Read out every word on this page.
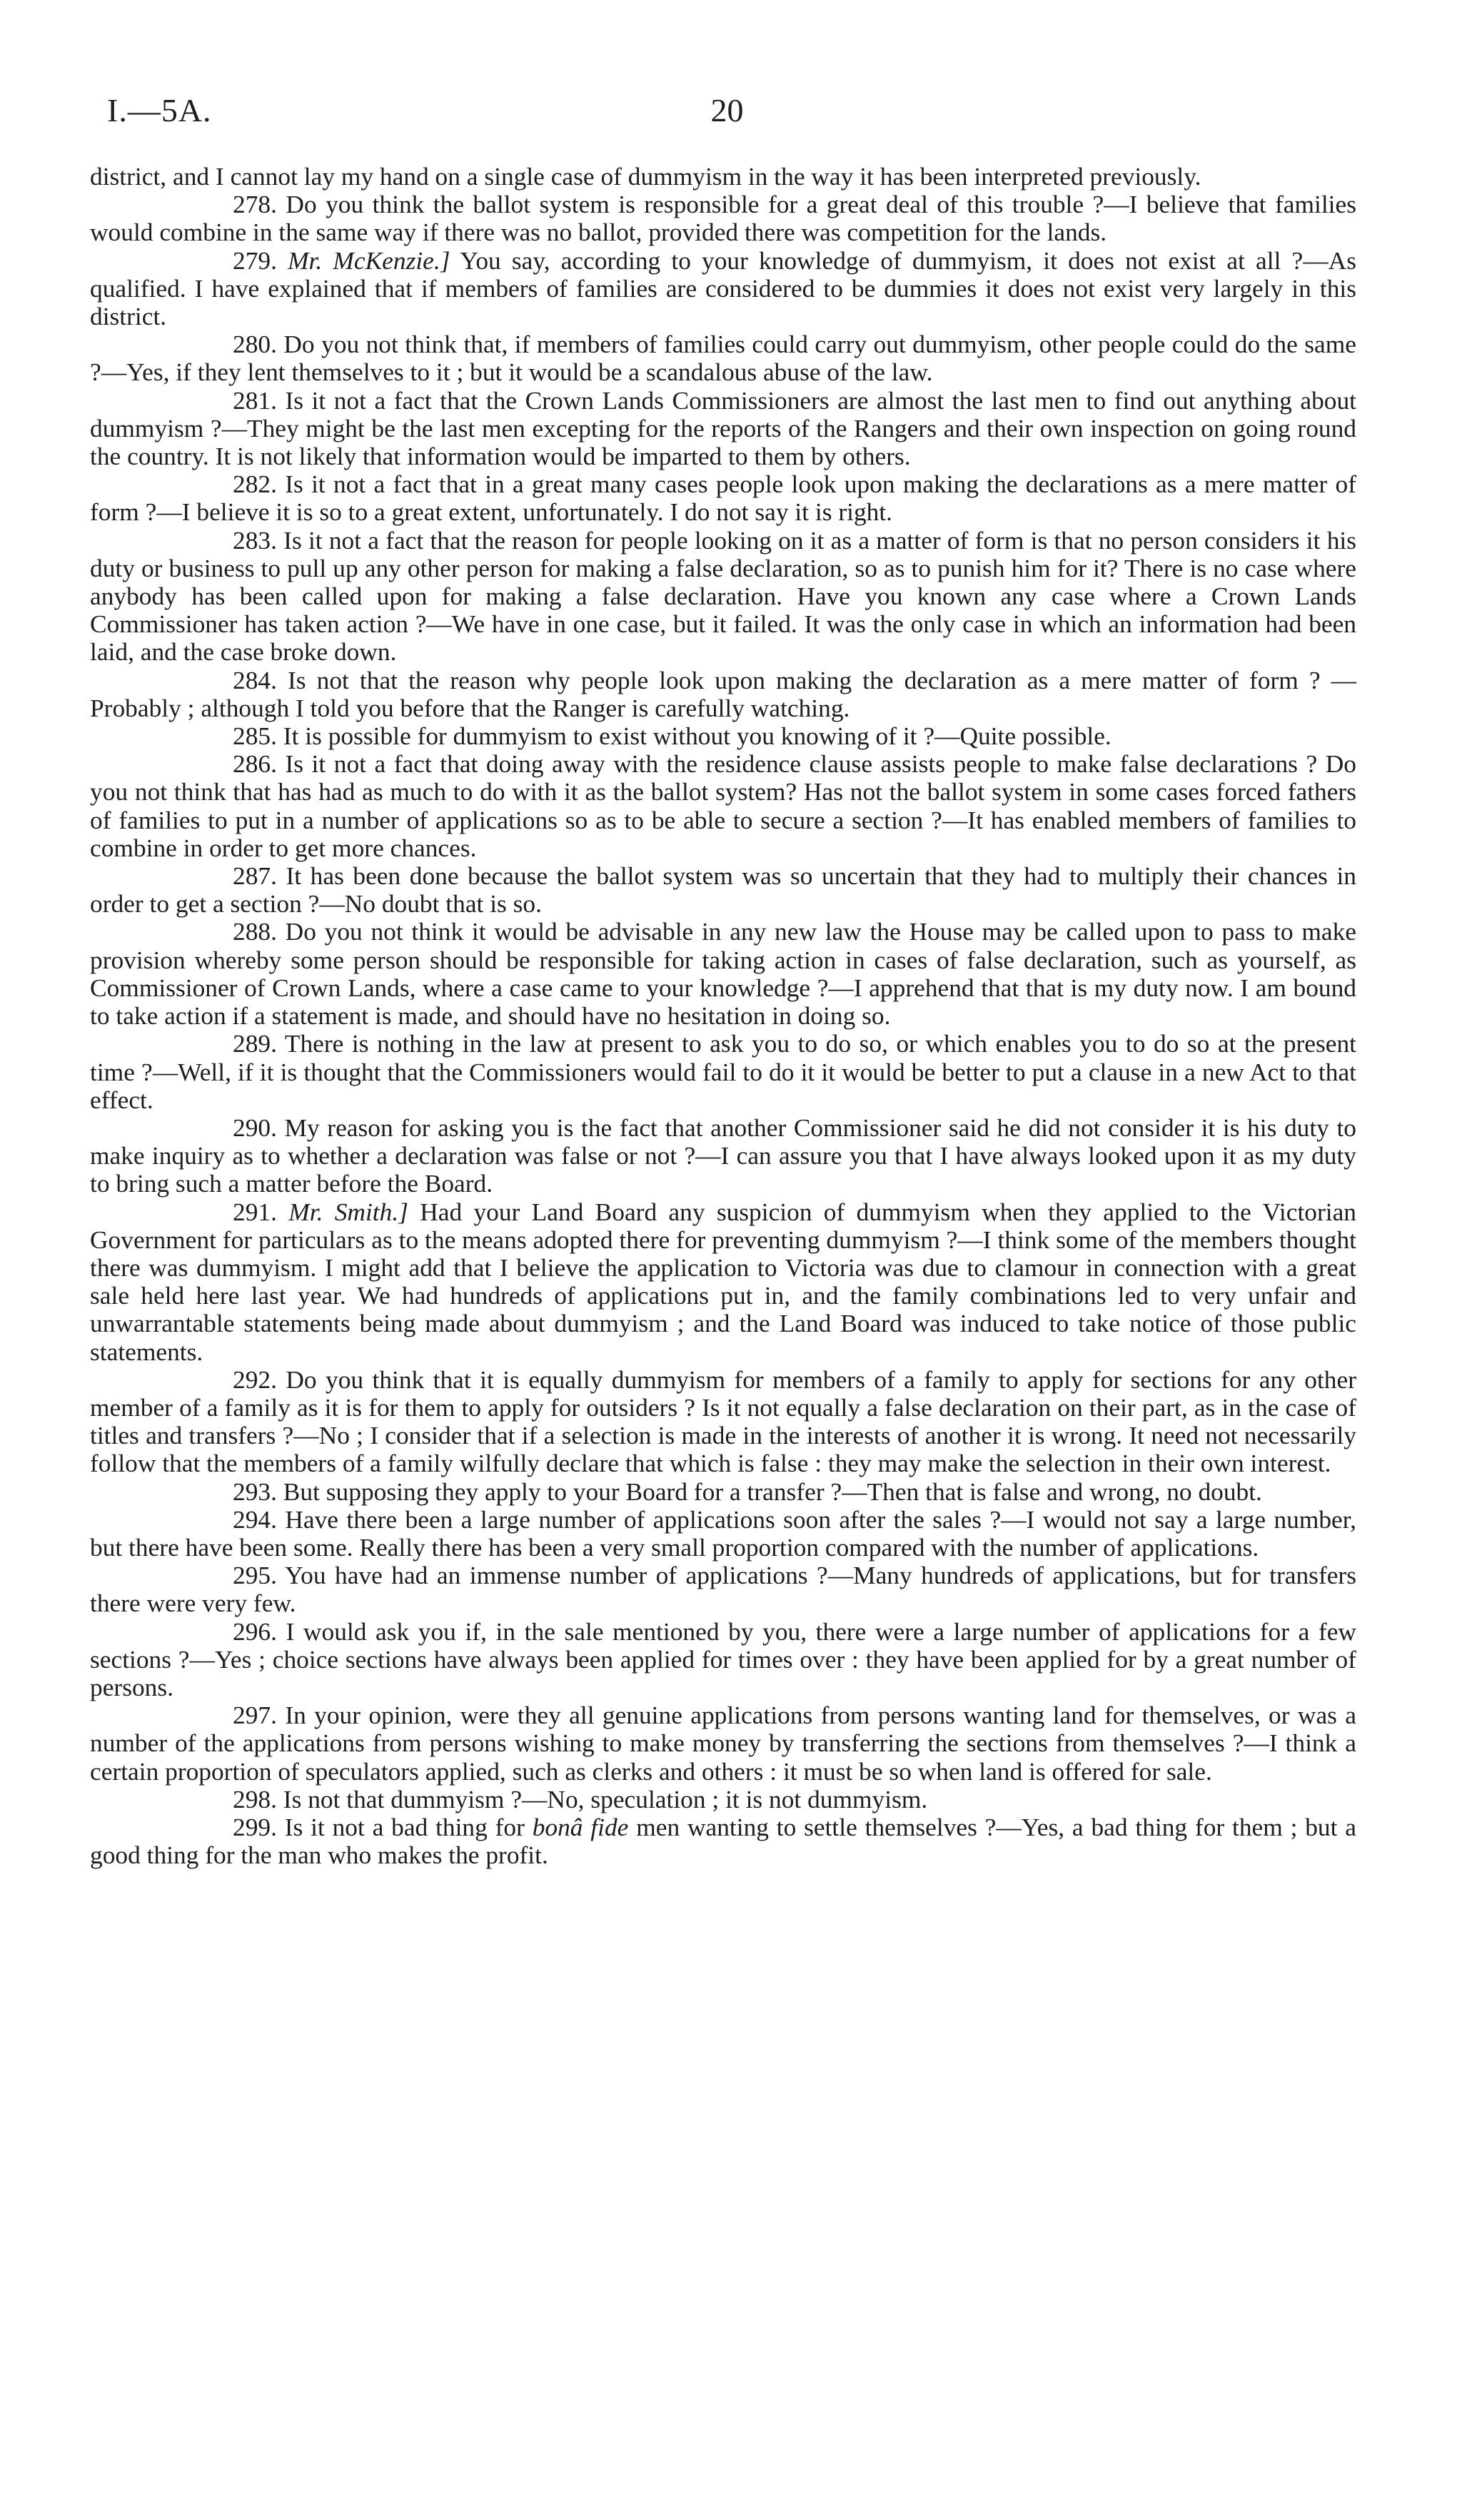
I.—5A.	20

district, and I cannot lay my hand on a single case of dummyism in the way it has been interpreted previously.

278. Do you think the ballot system is responsible for a great deal of this trouble ?—I believe that families would combine in the same way if there was no ballot, provided there was competition for the lands.

279. Mr. McKenzie.] You say, according to your knowledge of dummyism, it does not exist at all ?—As qualified. I have explained that if members of families are considered to be dummies it does not exist very largely in this district.

280. Do you not think that, if members of families could carry out dummyism, other people could do the same ?—Yes, if they lent themselves to it ; but it would be a scandalous abuse of the law.

281. Is it not a fact that the Crown Lands Commissioners are almost the last men to find out anything about dummyism ?—They might be the last men excepting for the reports of the Rangers and their own inspection on going round the country. It is not likely that information would be imparted to them by others.

282. Is it not a fact that in a great many cases people look upon making the declarations as a mere matter of form ?—I believe it is so to a great extent, unfortunately. I do not say it is right.

283. Is it not a fact that the reason for people looking on it as a matter of form is that no person considers it his duty or business to pull up any other person for making a false declaration, so as to punish him for it? There is no case where anybody has been called upon for making a false declaration. Have you known any case where a Crown Lands Commissioner has taken action ?—We have in one case, but it failed. It was the only case in which an information had been laid, and the case broke down.

284. Is not that the reason why people look upon making the declaration as a mere matter of form ? —Probably ; although I told you before that the Ranger is carefully watching.

285. It is possible for dummyism to exist without you knowing of it ?—Quite possible.

286. Is it not a fact that doing away with the residence clause assists people to make false declarations ? Do you not think that has had as much to do with it as the ballot system? Has not the ballot system in some cases forced fathers of families to put in a number of applications so as to be able to secure a section ?—It has enabled members of families to combine in order to get more chances.

287. It has been done because the ballot system was so uncertain that they had to multiply their chances in order to get a section ?—No doubt that is so.

288. Do you not think it would be advisable in any new law the House may be called upon to pass to make provision whereby some person should be responsible for taking action in cases of false declaration, such as yourself, as Commissioner of Crown Lands, where a case came to your knowledge ?—I apprehend that that is my duty now. I am bound to take action if a statement is made, and should have no hesitation in doing so.

289. There is nothing in the law at present to ask you to do so, or which enables you to do so at the present time ?—Well, if it is thought that the Commissioners would fail to do it it would be better to put a clause in a new Act to that effect.

290. My reason for asking you is the fact that another Commissioner said he did not consider it is his duty to make inquiry as to whether a declaration was false or not ?—I can assure you that I have always looked upon it as my duty to bring such a matter before the Board.

291. Mr. Smith.] Had your Land Board any suspicion of dummyism when they applied to the Victorian Government for particulars as to the means adopted there for preventing dummyism ?—I think some of the members thought there was dummyism. I might add that I believe the application to Victoria was due to clamour in connection with a great sale held here last year. We had hundreds of applications put in, and the family combinations led to very unfair and unwarrantable statements being made about dummyism ; and the Land Board was induced to take notice of those public statements.

292. Do you think that it is equally dummyism for members of a family to apply for sections for any other member of a family as it is for them to apply for outsiders ? Is it not equally a false declaration on their part, as in the case of titles and transfers ?—No ; I consider that if a selection is made in the interests of another it is wrong. It need not necessarily follow that the members of a family wilfully declare that which is false : they may make the selection in their own interest.

293. But supposing they apply to your Board for a transfer ?—Then that is false and wrong, no doubt.

294. Have there been a large number of applications soon after the sales ?—I would not say a large number, but there have been some. Really there has been a very small proportion compared with the number of applications.

295. You have had an immense number of applications ?—Many hundreds of applications, but for transfers there were very few.

296. I would ask you if, in the sale mentioned by you, there were a large number of applications for a few sections ?—Yes ; choice sections have always been applied for times over : they have been applied for by a great number of persons.

297. In your opinion, were they all genuine applications from persons wanting land for themselves, or was a number of the applications from persons wishing to make money by transferring the sections from themselves ?—I think a certain proportion of speculators applied, such as clerks and others : it must be so when land is offered for sale.

298. Is not that dummyism ?—No, speculation ; it is not dummyism.

299. Is it not a bad thing for bonâ fide men wanting to settle themselves ?—Yes, a bad thing for them ; but a good thing for the man who makes the profit.
